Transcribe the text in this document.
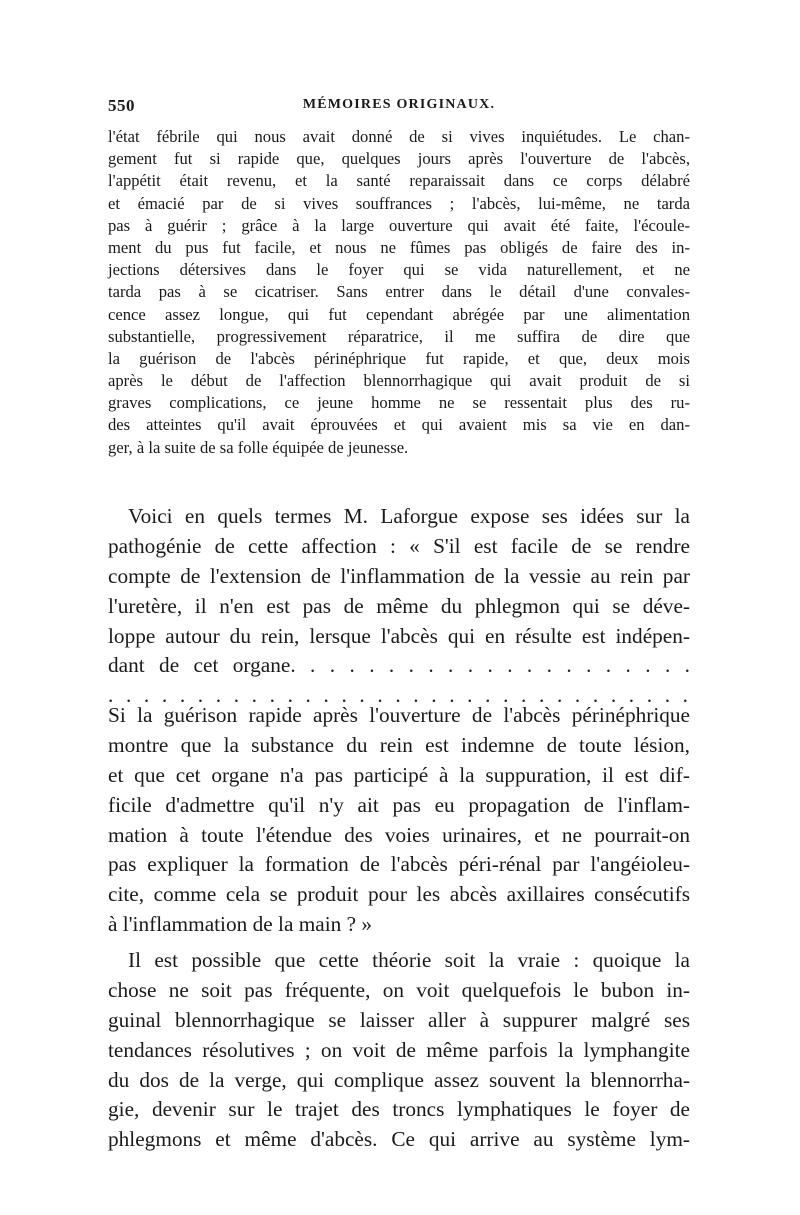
550	MÉMOIRES ORIGINAUX.
l'état fébrile qui nous avait donné de si vives inquiétudes. Le chan-
gement fut si rapide que, quelques jours après l'ouverture de l'abcès,
l'appétit était revenu, et la santé reparaissait dans ce corps délabré
et émacié par de si vives souffrances ; l'abcès, lui-même, ne tarda
pas à guérir ; grâce à la large ouverture qui avait été faite, l'écoule-
ment du pus fut facile, et nous ne fûmes pas obligés de faire des in-
jections détersives dans le foyer qui se vida naturellement, et ne
tarda pas à se cicatriser. Sans entrer dans le détail d'une convales-
cence assez longue, qui fut cependant abrégée par une alimentation
substantielle, progressivement réparatrice, il me suffira de dire que
la guérison de l'abcès périnéphrique fut rapide, et que, deux mois
après le début de l'affection blennorrhagique qui avait produit de si
graves complications, ce jeune homme ne se ressentait plus des ru-
des atteintes qu'il avait éprouvées et qui avaient mis sa vie en dan-
ger, à la suite de sa folle équipée de jeunesse.
Voici en quels termes M. Laforgue expose ses idées sur la
pathogénie de cette affection : « S'il est facile de se rendre
compte de l'extension de l'inflammation de la vessie au rein par
l'uretère, il n'en est pas de même du phlegmon qui se déve-
loppe autour du rein, lersque l'abcès qui en résulte est indépen-
dant de cet organe. . . . . . . . . . . . . . . . . . . . .
. . . . . . . . . . . . . . . . . . . . . . . . . . . . . . . . .
Si la guérison rapide après l'ouverture de l'abcès périnéphrique
montre que la substance du rein est indemne de toute lésion,
et que cet organe n'a pas participé à la suppuration, il est dif-
ficile d'admettre qu'il n'y ait pas eu propagation de l'inflam-
mation à toute l'étendue des voies urinaires, et ne pourrait-on
pas expliquer la formation de l'abcès péri-rénal par l'angéioleu-
cite, comme cela se produit pour les abcès axillaires consécutifs
à l'inflammation de la main ? »
Il est possible que cette théorie soit la vraie : quoique la
chose ne soit pas fréquente, on voit quelquefois le bubon in-
guinal blennorrhagique se laisser aller à suppurer malgré ses
tendances résolutives ; on voit de même parfois la lymphangite
du dos de la verge, qui complique assez souvent la blennorrha-
gie, devenir sur le trajet des troncs lymphatiques le foyer de
phlegmons et même d'abcès. Ce qui arrive au système lym-
